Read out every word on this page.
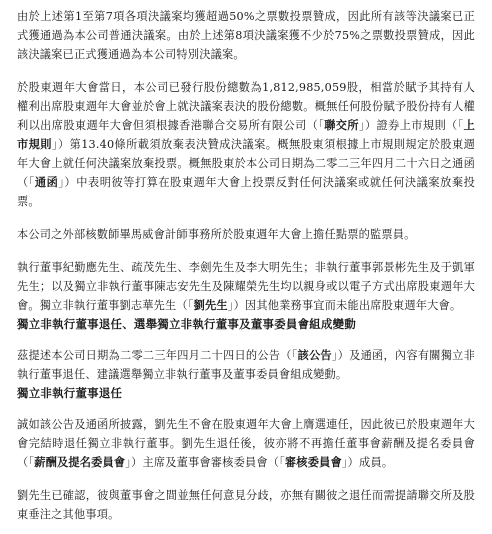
由於上述第1至第7項各項決議案均獲超過50%之票數投票贊成，因此所有該等決議案已正式獲通過為本公司普通決議案。由於上述第8項決議案獲不少於75%之票數投票贊成，因此該決議案已正式獲通過為本公司特別決議案。

於股東週年大會當日，本公司已發行股份總數為1,812,985,059股，相當於賦予其持有人權利出席股東週年大會並於會上就決議案表決的股份總數。概無任何股份賦予股份持有人權利以出席股東週年大會但須根據香港聯合交易所有限公司（「聯交所」）證券上市規則（「上市規則」）第13.40條所載須放棄表決贊成決議案。概無股東須根據上市規則規定於股東週年大會上就任何決議案放棄投票。概無股東於本公司日期為二零二三年四月二十六日之通函（「通函」）中表明彼等打算在股東週年大會上投票反對任何決議案或就任何決議案放棄投票。

本公司之外部核數師畢馬威會計師事務所於股東週年大會上擔任點票的監票員。

執行董事紀勤應先生、疏茂先生、李劍先生及李大明先生；非執行董事郭景彬先生及于凱軍先生；以及獨立非執行董事陳志安先生及陳耀榮先生均以親身或以電子方式出席股東週年大會。獨立非執行董事劉志華先生（「劉先生」）因其他業務事宜而未能出席股東週年大會。

獨立非執行董事退任、選舉獨立非執行董事及董事委員會組成變動

茲提述本公司日期為二零二三年四月二十四日的公告（「該公告」）及通函，內容有關獨立非執行董事退任、建議選舉獨立非執行董事及董事委員會組成變動。

獨立非執行董事退任

誠如該公告及通函所披露，劉先生不會在股東週年大會上膺選連任，因此彼已於股東週年大會完結時退任獨立非執行董事。劉先生退任後，彼亦將不再擔任董事會薪酬及提名委員會（「薪酬及提名委員會」）主席及董事會審核委員會（「審核委員會」）成員。

劉先生已確認，彼與董事會之間並無任何意見分歧，亦無有關彼之退任而需提請聯交所及股東垂注之其他事項。
